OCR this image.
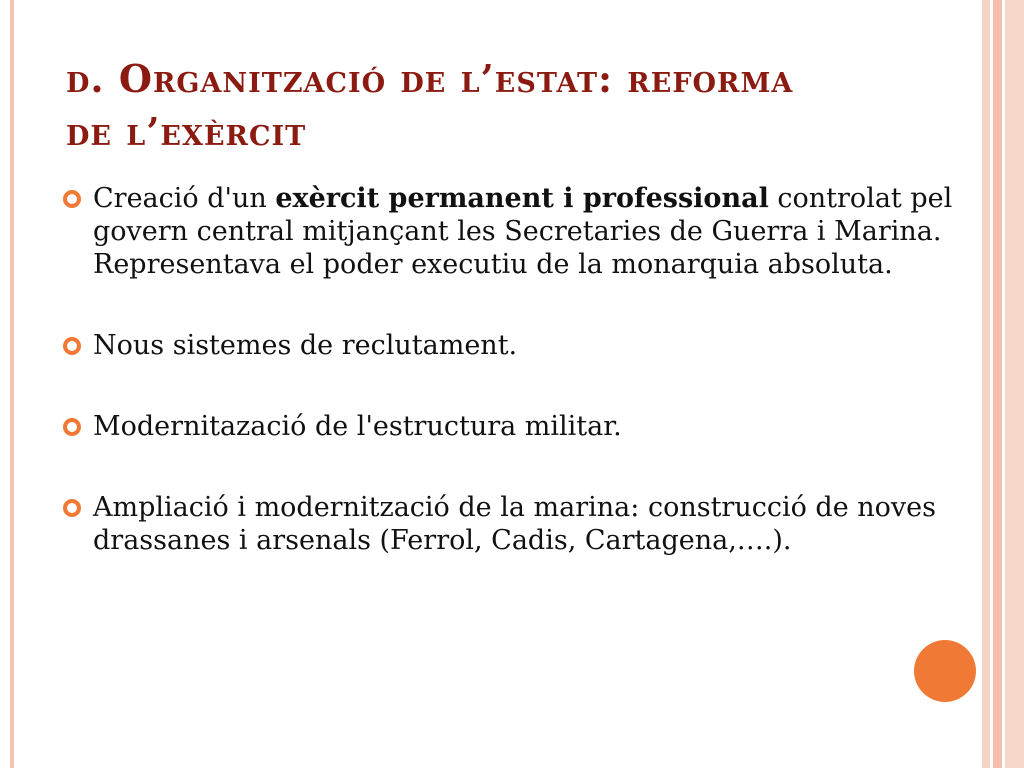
d. Organització de l’estat: reforma
de l’exèrcit
Creació d'un exèrcit permanent i professional controlat pel govern central mitjançant les Secretaries de Guerra i Marina. Representava el poder executiu de la monarquia absoluta.
Nous sistemes de reclutament.
Modernitazació de l'estructura militar.
Ampliació i modernització de la marina: construcció de noves drassanes i arsenals (Ferrol, Cadis, Cartagena,….).
